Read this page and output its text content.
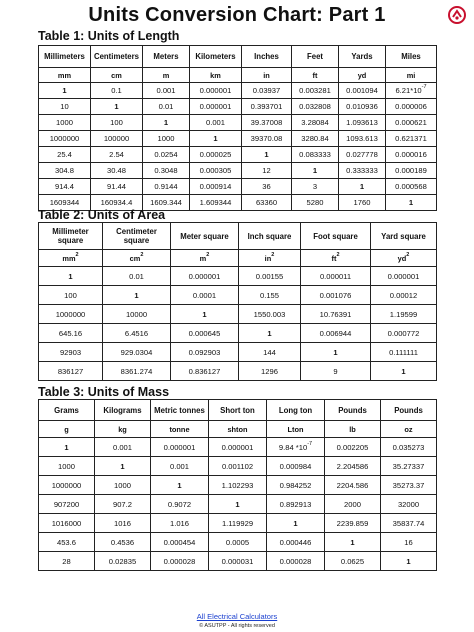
Units Conversion Chart: Part 1
Table 1: Units of Length
Millimeters	Centimeters	Meters	Kilometers	Inches	Feet	Yards	Miles
mm	cm	m	km	in	ft	yd	mi
1	0.1	0.001	0.000001	0.03937	0.003281	0.001094	$6.21*10^{-7}$
10	1	0.01	0.000001	0.393701	0.032808	0.010936	0.000006
1000	100	1	0.001	39.37008	3.28084	1.093613	0.000621
1000000	100000	1000	1	39370.08	3280.84	1093.613	0.621371
25.4	2.54	0.0254	0.000025	1	0.083333	0.027778	0.000016
304.8	30.48	0.3048	0.000305	12	1	0.333333	0.000189
914.4	91.44	0.9144	0.000914	36	3	1	0.000568
1609344	160934.4	1609.344	1.609344	63360	5280	1760	1
Table 2: Units of Area
Millimeter square	Centimeter square	Meter square	Inch square	Foot square	Yard square
$mm^2$	$cm^2$	$m^2$	$in^2$	$ft^2$	$yd^2$
1	0.01	0.000001	0.00155	0.000011	0.000001
100	1	0.0001	0.155	0.001076	0.00012
1000000	10000	1	1550.003	10.76391	1.19599
645.16	6.4516	0.000645	1	0.006944	0.000772
92903	929.0304	0.092903	144	1	0.111111
836127	8361.274	0.836127	1296	9	1
Table 3: Units of Mass
Grams	Kilograms	Metric tonnes	Short ton	Long ton	Pounds	Pounds
g	kg	tonne	shton	Lton	lb	oz
1	0.001	0.000001	0.000001	9.84 $*10^{-7}$	0.002205	0.035273
1000	1	0.001	0.001102	0.000984	2.204586	35.27337
1000000	1000	1	1.102293	0.984252	2204.586	35273.37
907200	907.2	0.9072	1	0.892913	2000	32000
1016000	1016	1.016	1.119929	1	2239.859	35837.74
453.6	0.4536	0.000454	0.0005	0.000446	1	16
28	0.02835	0.000028	0.000031	0.000028	0.0625	1
All Electrical Calculators
© ASUTPP - All rights reserved
